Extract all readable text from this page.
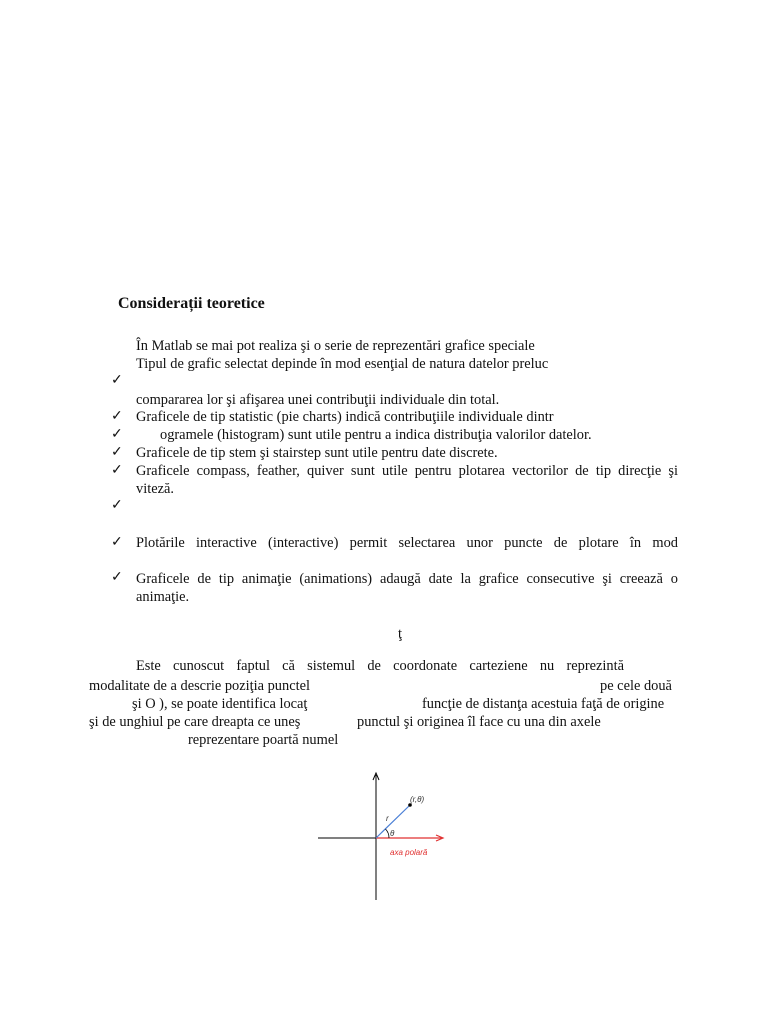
Considerații teoretice
În Matlab se mai pot realiza şi o serie de reprezentări grafice speciale
Tipul de grafic selectat depinde în mod esenţial de natura datelor preluc
✓
compararea lor şi afişarea unei contribuţii individuale din total.
✓ Graficele de tip statistic (pie charts) indică contribuţiile individuale dintr
✓	ogramele (histogram) sunt utile pentru a indica distribuţia valorilor datelor.
✓ Graficele de tip stem şi stairstep sunt utile pentru date discrete.
✓ Graficele compass, feather, quiver sunt utile pentru plotarea vectorilor de tip direcţie şi
viteză.
✓
✓ Plotările interactive (interactive) permit selectarea unor puncte de plotare în mod
✓ Graficele de tip animaţie (animations) adaugă date la grafice consecutive şi creează o
animaţie.
ţ
Este cunoscut faptul că sistemul de coordonate carteziene nu reprezintă
modalitate de a descrie poziţia punctel	pe cele două
şi O ), se poate identifica locaţ	funcţie de distanţa acestuia faţă de origine
şi de unghiul pe care dreapta ce uneş	punctul şi originea îl face cu una din axele
reprezentare poartă numel
(r,θ)
r
θ
axa polară
